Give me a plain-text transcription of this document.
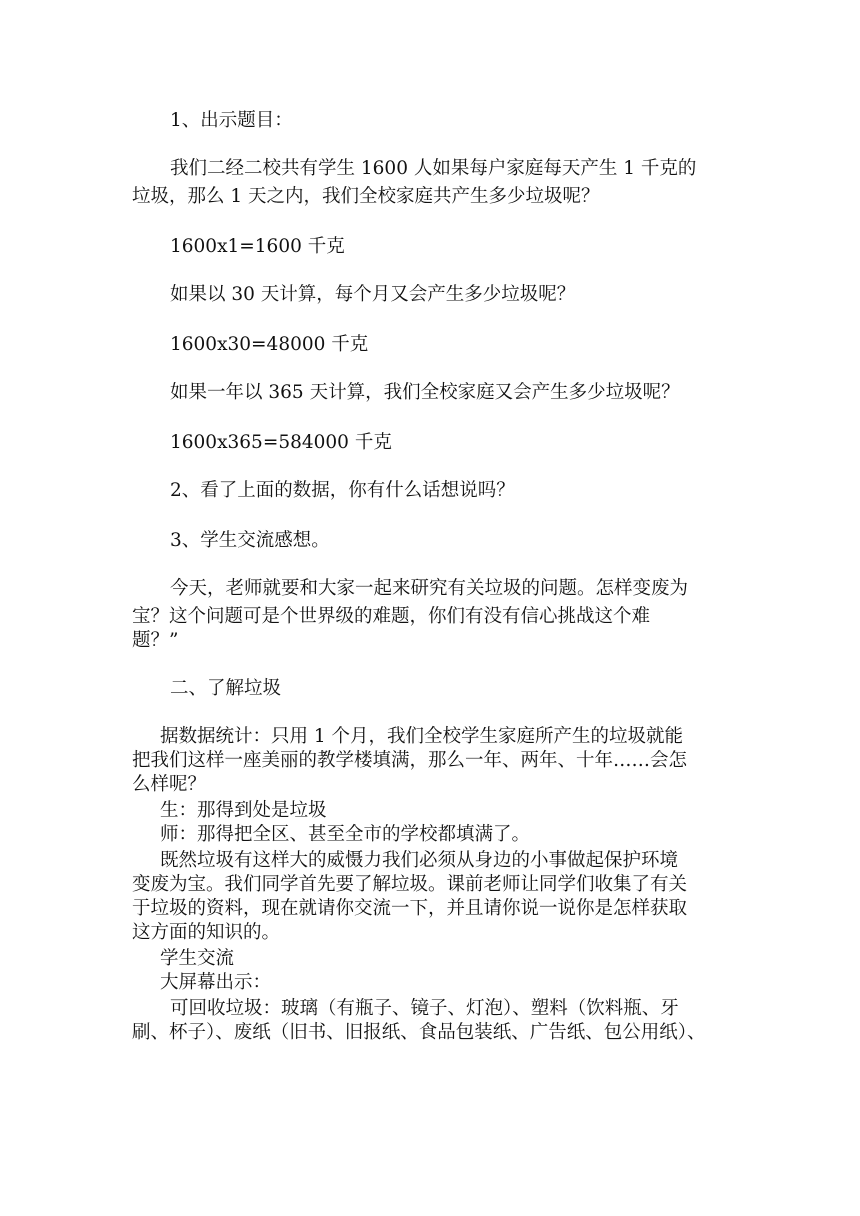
1、出示题目：
我们二经二校共有学生 1600 人如果每户家庭每天产生 1 千克的
垃圾，那么 1 天之内，我们全校家庭共产生多少垃圾呢？
1600x1=1600 千克
如果以 30 天计算，每个月又会产生多少垃圾呢？
1600x30=48000 千克
如果一年以 365 天计算，我们全校家庭又会产生多少垃圾呢？
1600x365=584000 千克
2、看了上面的数据，你有什么话想说吗？
3、学生交流感想。
今天，老师就要和大家一起来研究有关垃圾的问题。怎样变废为
宝？这个问题可是个世界级的难题，你们有没有信心挑战这个难
题？”
二、了解垃圾
据数据统计：只用 1 个月，我们全校学生家庭所产生的垃圾就能
把我们这样一座美丽的教学楼填满，那么一年、两年、十年……会怎
么样呢？
生：那得到处是垃圾
师：那得把全区、甚至全市的学校都填满了。
既然垃圾有这样大的威慑力我们必须从身边的小事做起保护环境
变废为宝。我们同学首先要了解垃圾。课前老师让同学们收集了有关
于垃圾的资料，现在就请你交流一下，并且请你说一说你是怎样获取
这方面的知识的。
学生交流
大屏幕出示：
可回收垃圾：玻璃（有瓶子、镜子、灯泡）、塑料（饮料瓶、牙
刷、杯子）、废纸（旧书、旧报纸、食品包装纸、广告纸、包公用纸）、
